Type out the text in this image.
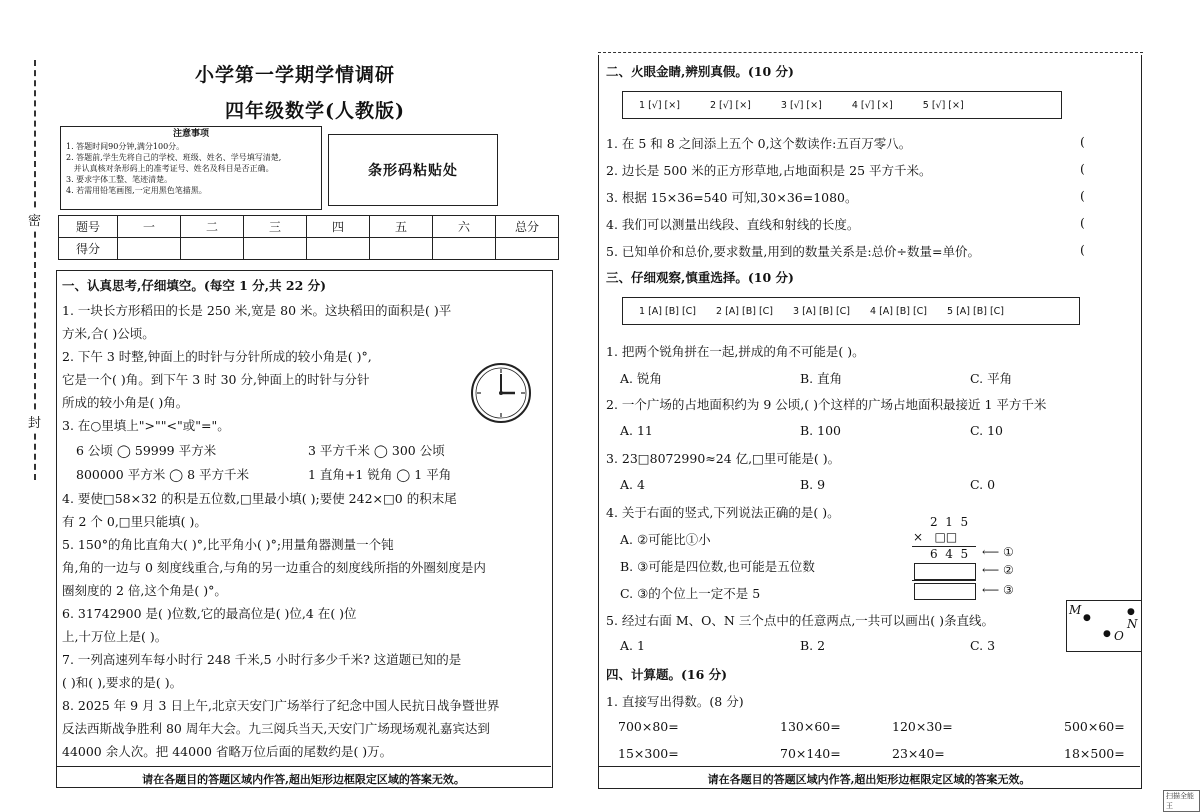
密
封
小学第一学期学情调研
四年级数学(人教版)
注意事项
1. 答题时间90分钟,满分100分。
2. 答题前,学生先将自己的学校、班级、姓名、学号填写清楚,
并认真核对条形码上的准考证号、姓名及科目是否正确。
3. 要求字体工整、笔迹清楚。
4. 若需用铅笔画图,一定用黑色笔描黑。
条形码粘贴处
题号	一	二	三	四	五	六	总分
得分							
一、认真思考,仔细填空。(每空 1 分,共 22 分)
1. 一块长方形稻田的长是 250 米,宽是 80 米。这块稻田的面积是( )平
方米,合( )公顷。
2. 下午 3 时整,钟面上的时针与分针所成的较小角是( )°,
它是一个( )角。到下午 3 时 30 分,钟面上的时针与分针
所成的较小角是( )角。
3. 在○里填上">""<"或"="。
6 公顷 ◯ 59999 平方米	3 平方千米 ◯ 300 公顷
800000 平方米 ◯ 8 平方千米	1 直角+1 锐角 ◯ 1 平角
4. 要使□58×32 的积是五位数,□里最小填( );要使 242×□0 的积末尾
有 2 个 0,□里只能填( )。
5. 150°的角比直角大( )°,比平角小( )°;用量角器测量一个钝
角,角的一边与 0 刻度线重合,与角的另一边重合的刻度线所指的外圈刻度是内
圈刻度的 2 倍,这个角是( )°。
6. 31742900 是( )位数,它的最高位是( )位,4 在( )位
上,十万位上是( )。
7. 一列高速列车每小时行 248 千米,5 小时行多少千米? 这道题已知的是
( )和( ),要求的是( )。
8. 2025 年 9 月 3 日上午,北京天安门广场举行了纪念中国人民抗日战争暨世界
反法西斯战争胜利 80 周年大会。九三阅兵当天,天安门广场现场观礼嘉宾达到
44000 余人次。把 44000 省略万位后面的尾数约是( )万。
请在各题目的答题区域内作答,超出矩形边框限定区域的答案无效。
二、火眼金睛,辨别真假。(10 分)
1 [√] [×]	2 [√] [×]	3 [√] [×]	4 [√] [×]	5 [√] [×]
1. 在 5 和 8 之间添上五个 0,这个数读作:五百万零八。
2. 边长是 500 米的正方形草地,占地面积是 25 平方千米。
3. 根据 15×36=540 可知,30×36=1080。
4. 我们可以测量出线段、直线和射线的长度。
5. 已知单价和总价,要求数量,用到的数量关系是:总价÷数量=单价。
(
(
(
(
(
三、仔细观察,慎重选择。(10 分)
1 [A] [B] [C] 2 [A] [B] [C] 3 [A] [B] [C] 4 [A] [B] [C] 5 [A] [B] [C]
1. 把两个锐角拼在一起,拼成的角不可能是( )。
A. 锐角	B. 直角	C. 平角
2. 一个广场的占地面积约为 9 公顷,( )个这样的广场占地面积最接近 1 平方千米
A. 11	B. 100	C. 10
3. 23□8072990≈24 亿,□里可能是( )。
A. 4	B. 9	C. 0
4. 关于右面的竖式,下列说法正确的是( )。
A. ②可能比①小
B. ③可能是四位数,也可能是五位数
C. ③的个位上一定不是 5
2  1  5
×   □□
6  4  5 ⟵ ①
⟵ ②
⟵ ③
5. 经过右面 M、O、N 三个点中的任意两点,一共可以画出( )条直线。
A. 1	B. 2	C. 3
M
●
● O
●
N
四、计算题。(16 分)
1. 直接写出得数。(8 分)
700×80=	130×60=	120×30=	500×60=
15×300=	70×140=	23×40=	18×500=
请在各题目的答题区域内作答,超出矩形边框限定区域的答案无效。
扫描全能王
